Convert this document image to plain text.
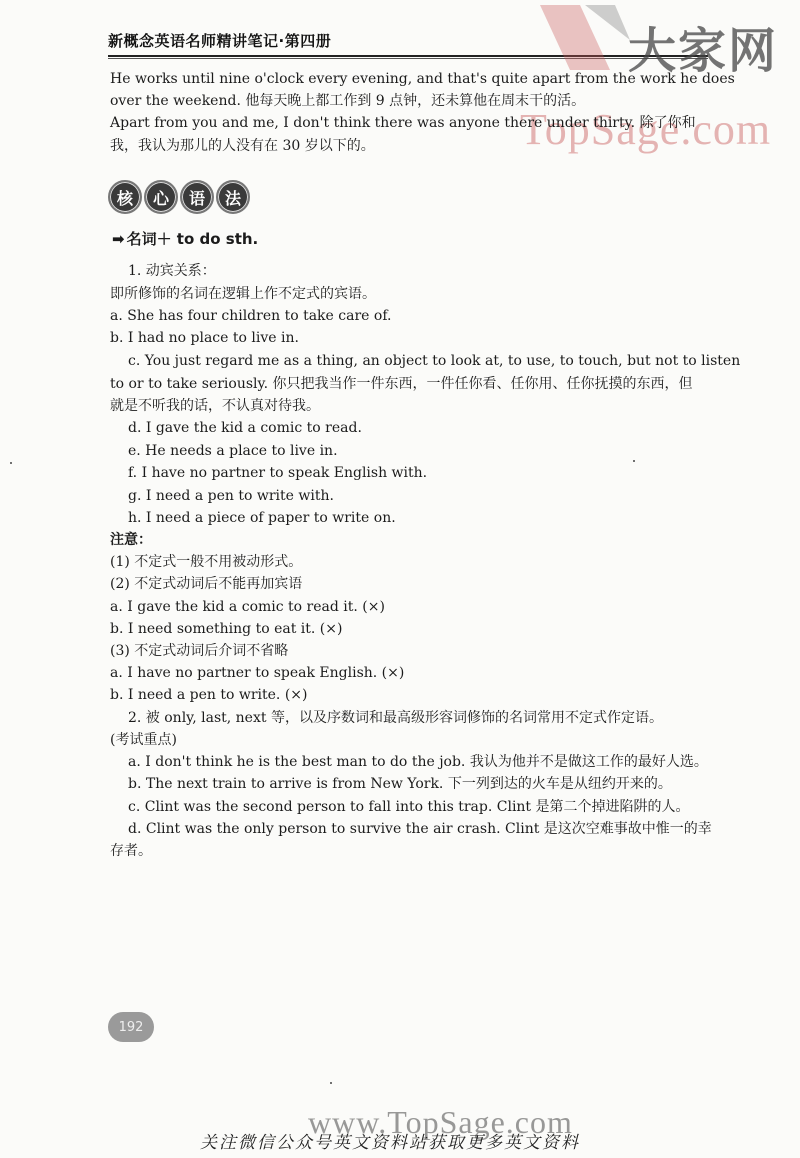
新概念英语名师精讲笔记·第四册	大家网
TopSage.com
He works until nine o'clock every evening, and that's quite apart from the work he does
over the weekend. 他每天晚上都工作到 9 点钟，还未算他在周末干的活。
Apart from you and me, I don't think there was anyone there under thirty. 除了你和
我，我认为那儿的人没有在 30 岁以下的。
核	心	语	法
➡ 名词＋ to do sth.
1. 动宾关系：
即所修饰的名词在逻辑上作不定式的宾语。
a. She has four children to take care of.
b. I had no place to live in.
c. You just regard me as a thing, an object to look at, to use, to touch, but not to listen
to or to take seriously. 你只把我当作一件东西，一件任你看、任你用、任你抚摸的东西，但
就是不听我的话，不认真对待我。
d. I gave the kid a comic to read.
e. He needs a place to live in.
f. I have no partner to speak English with.
g. I need a pen to write with.
h. I need a piece of paper to write on.
注意：
(1) 不定式一般不用被动形式。
(2) 不定式动词后不能再加宾语
a. I gave the kid a comic to read it. (×)
b. I need something to eat it. (×)
(3) 不定式动词后介词不省略
a. I have no partner to speak English. (×)
b. I need a pen to write. (×)
2. 被 only, last, next 等，以及序数词和最高级形容词修饰的名词常用不定式作定语。
(考试重点)
a. I don't think he is the best man to do the job. 我认为他并不是做这工作的最好人选。
b. The next train to arrive is from New York. 下一列到达的火车是从纽约开来的。
c. Clint was the second person to fall into this trap. Clint 是第二个掉进陷阱的人。
d. Clint was the only person to survive the air crash. Clint 是这次空难事故中惟一的幸
存者。
192
www.TopSage.com
关注微信公众号英文资料站获取更多英文资料
